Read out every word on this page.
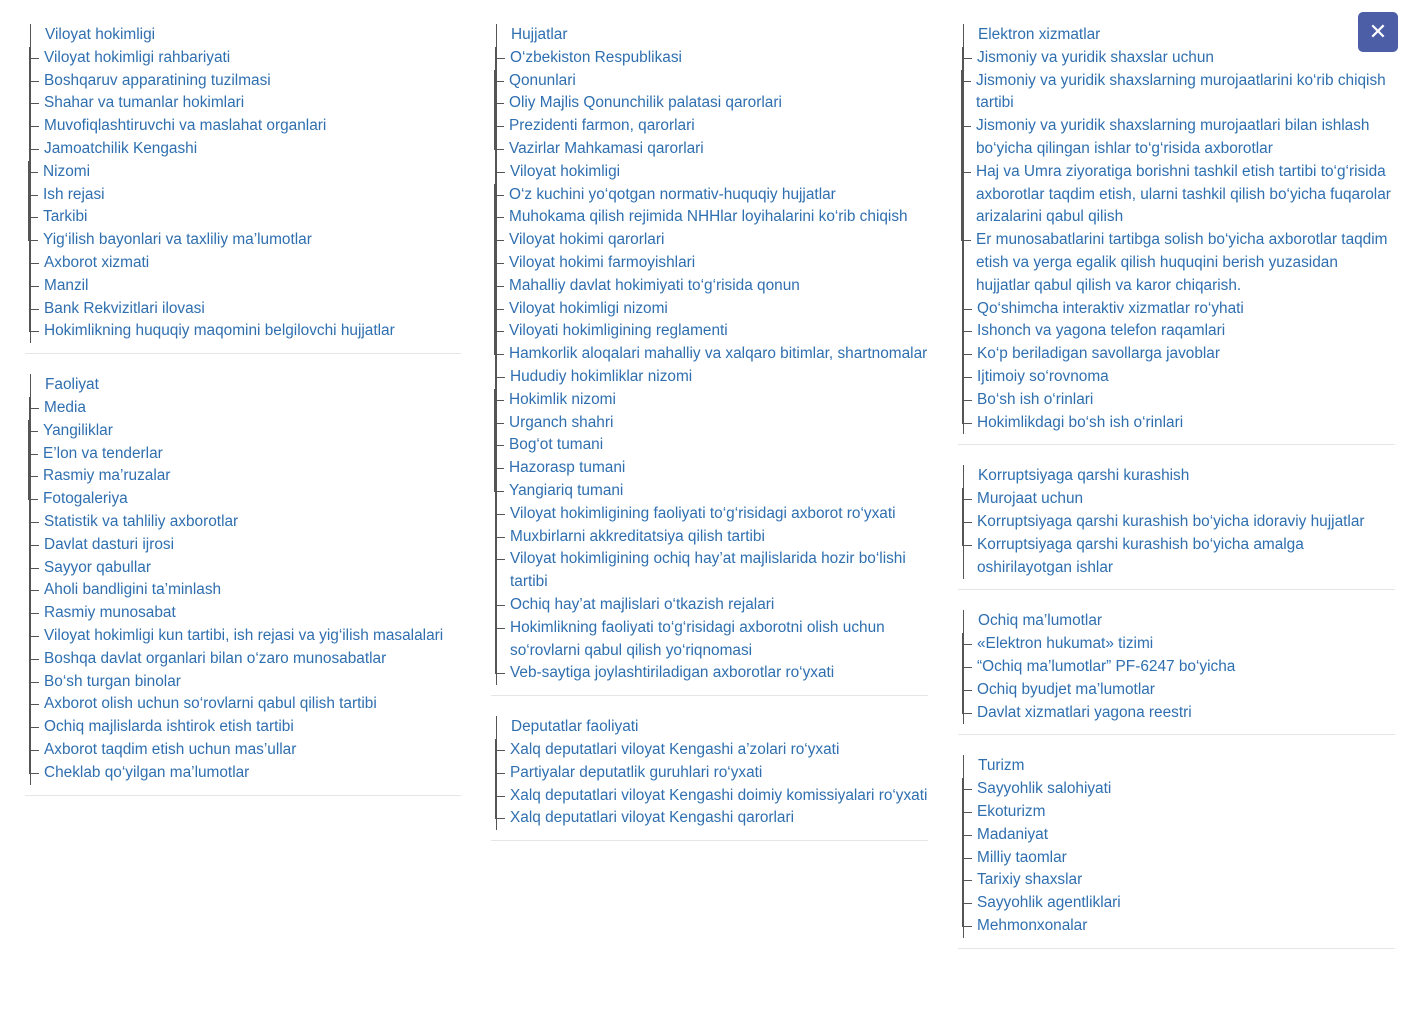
Viloyat hokimligi
Viloyat hokimligi rahbariyati
Boshqaruv apparatining tuzilmasi
Shahar va tumanlar hokimlari
Muvofiqlashtiruvchi va maslahat organlari
Jamoatchilik Kengashi
Nizomi
Ish rejasi
Tarkibi
Yig‘ilish bayonlari va taxliliy ma’lumotlar
Axborot xizmati
Manzil
Bank Rekvizitlari ilovasi
Hokimlikning huquqiy maqomini belgilovchi hujjatlar
Faoliyat
Media
Yangiliklar
E’lon va tenderlar
Rasmiy ma’ruzalar
Fotogaleriya
Statistik va tahliliy axborotlar
Davlat dasturi ijrosi
Sayyor qabullar
Aholi bandligini ta’minlash
Rasmiy munosabat
Viloyat hokimligi kun tartibi, ish rejasi va yig‘ilish masalalari
Boshqa davlat organlari bilan o‘zaro munosabatlar
Bo‘sh turgan binolar
Axborot olish uchun so‘rovlarni qabul qilish tartibi
Ochiq majlislarda ishtirok etish tartibi
Axborot taqdim etish uchun mas’ullar
Cheklab qo‘yilgan ma’lumotlar
Hujjatlar
O‘zbekiston Respublikasi
Qonunlari
Oliy Majlis Qonunchilik palatasi qarorlari
Prezidenti farmon, qarorlari
Vazirlar Mahkamasi qarorlari
Viloyat hokimligi
O‘z kuchini yo‘qotgan normativ-huquqiy hujjatlar
Muhokama qilish rejimida NHHlar loyihalarini ko‘rib chiqish
Viloyat hokimi qarorlari
Viloyat hokimi farmoyishlari
Mahalliy davlat hokimiyati to‘g‘risida qonun
Viloyat hokimligi nizomi
Viloyati hokimligining reglamenti
Hamkorlik aloqalari mahalliy va xalqaro bitimlar, shartnomalar
Hududiy hokimliklar nizomi
Hokimlik nizomi
Urganch shahri
Bog‘ot tumani
Hazorasp tumani
Yangiariq tumani
Viloyat hokimligining faoliyati to‘g‘risidagi axborot ro‘yxati
Muxbirlarni akkreditatsiya qilish tartibi
Viloyat hokimligining ochiq hay’at majlislarida hozir bo‘lishi tartibi
Ochiq hay’at majlislari o‘tkazish rejalari
Hokimlikning faoliyati to‘g‘risidagi axborotni olish uchun so‘rovlarni qabul qilish yo‘riqnomasi
Veb-saytiga joylashtiriladigan axborotlar ro‘yxati
Deputatlar faoliyati
Xalq deputatlari viloyat Kengashi a’zolari ro‘yxati
Partiyalar deputatlik guruhlari ro‘yxati
Xalq deputatlari viloyat Kengashi doimiy komissiyalari ro‘yxati
Xalq deputatlari viloyat Kengashi qarorlari
Elektron xizmatlar
Jismoniy va yuridik shaxslar uchun
Jismoniy va yuridik shaxslarning murojaatlarini ko‘rib chiqish tartibi
Jismoniy va yuridik shaxslarning murojaatlari bilan ishlash bo‘yicha qilingan ishlar to‘g‘risida axborotlar
Haj va Umra ziyoratiga borishni tashkil etish tartibi to‘g‘risida axborotlar taqdim etish, ularni tashkil qilish bo‘yicha fuqarolar arizalarini qabul qilish
Er munosabatlarini tartibga solish bo‘yicha axborotlar taqdim etish va yerga egalik qilish huquqini berish yuzasidan hujjatlar qabul qilish va karor chiqarish.
Qo‘shimcha interaktiv xizmatlar ro‘yhati
Ishonch va yagona telefon raqamlari
Ko‘p beriladigan savollarga javoblar
Ijtimoiy so‘rovnoma
Bo‘sh ish o‘rinlari
Hokimlikdagi bo‘sh ish o‘rinlari
Korruptsiyaga qarshi kurashish
Murojaat uchun
Korruptsiyaga qarshi kurashish bo‘yicha idoraviy hujjatlar
Korruptsiyaga qarshi kurashish bo‘yicha amalga oshirilayotgan ishlar
Ochiq ma’lumotlar
«Elektron hukumat» tizimi
“Ochiq ma’lumotlar” PF-6247 bo‘yicha
Ochiq byudjet ma’lumotlar
Davlat xizmatlari yagona reestri
Turizm
Sayyohlik salohiyati
Ekoturizm
Madaniyat
Milliy taomlar
Tarixiy shaxslar
Sayyohlik agentliklari
Mehmonxonalar
✕
